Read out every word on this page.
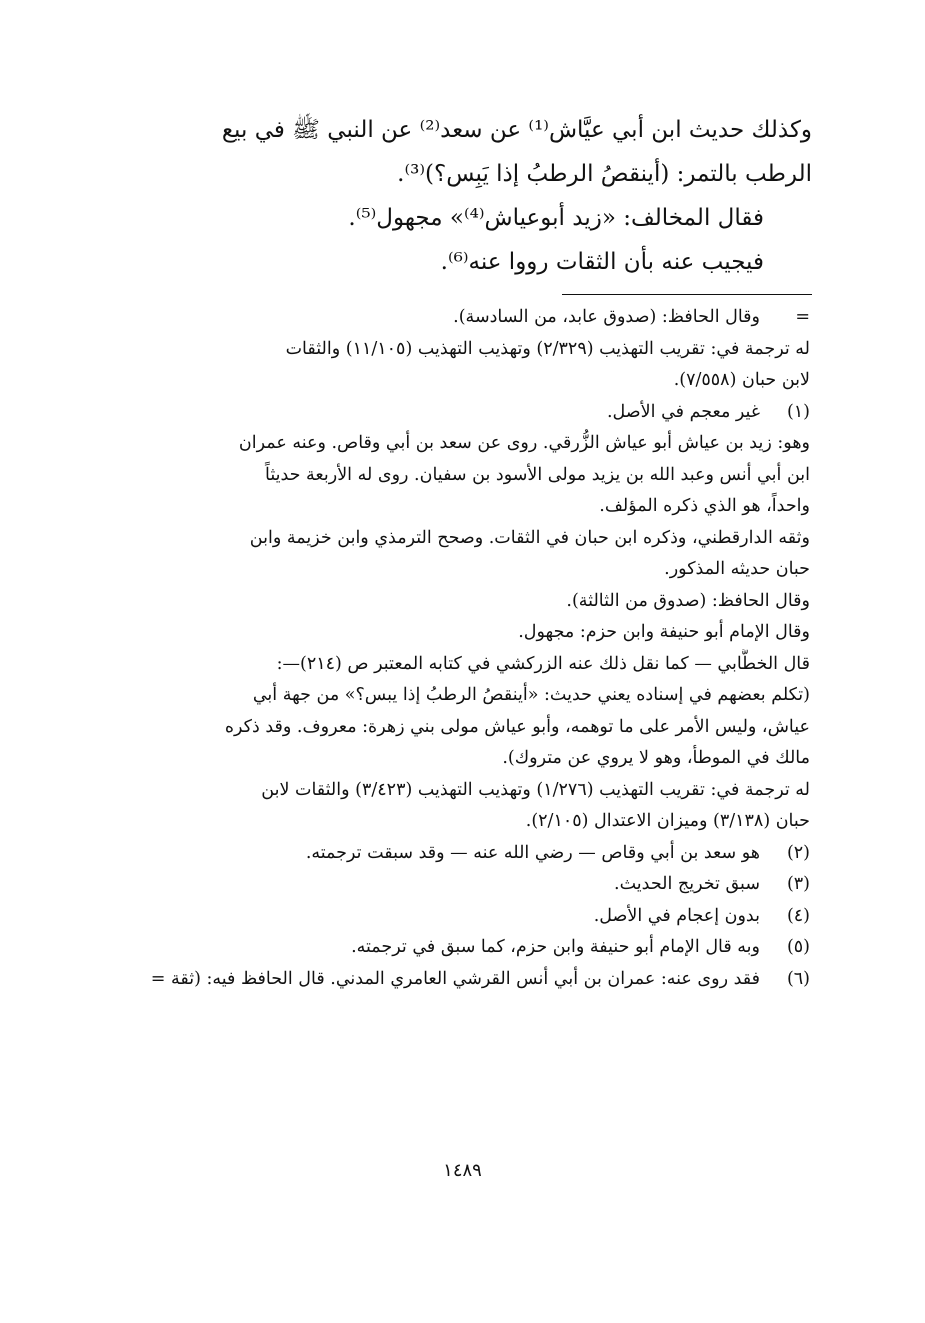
وكذلك حديث ابن أبي عيَّاش⁽¹⁾ عن سعد⁽²⁾ عن النبي ﷺ في بيع

الرطب بالتمر: (أينقصُ الرطبُ إذا يَبِس؟)⁽³⁾.

فقال المخالف: «زيد أبوعياش⁽⁴⁾» مجهول⁽⁵⁾.

فيجيب عنه بأن الثقات رووا عنه⁽⁶⁾.

=
وقال الحافظ: (صدوق عابد، من السادسة).
له ترجمة في: تقريب التهذيب (٢/٣٢٩) وتهذيب التهذيب (١١/١٠٥) والثقات
لابن حبان (٧/٥٥٨).
(١)
غير معجم في الأصل.
وهو: زيد بن عياش أبو عياش الزُّرقي. روى عن سعد بن أبي وقاص. وعنه عمران
ابن أبي أنس وعبد الله بن يزيد مولى الأسود بن سفيان. روى له الأربعة حديثاً
واحداً، هو الذي ذكره المؤلف.
وثقه الدارقطني، وذكره ابن حبان في الثقات. وصحح الترمذي وابن خزيمة وابن
حبان حديثه المذكور.
وقال الحافظ: (صدوق من الثالثة).
وقال الإمام أبو حنيفة وابن حزم: مجهول.
قال الخطَّابي — كما نقل ذلك عنه الزركشي في كتابه المعتبر ص (٢١٤)—:
(تكلم بعضهم في إسناده يعني حديث: «أينقصُ الرطبُ إذا يبس؟» من جهة أبي
عياش، وليس الأمر على ما توهمه، وأبو عياش مولى بني زهرة: معروف. وقد ذكره
مالك في الموطأ، وهو لا يروي عن متروك).
له ترجمة في: تقريب التهذيب (١/٢٧٦) وتهذيب التهذيب (٣/٤٢٣) والثقات لابن
حبان (٣/١٣٨) وميزان الاعتدال (٢/١٠٥).
(٢)
هو سعد بن أبي وقاص — رضي الله عنه — وقد سبقت ترجمته.
(٣)
سبق تخريج الحديث.
(٤)
بدون إعجام في الأصل.
(٥)
وبه قال الإمام أبو حنيفة وابن حزم، كما سبق في ترجمته.
(٦)
فقد روى عنه: عمران بن أبي أنس القرشي العامري المدني. قال الحافظ فيه: (ثقة =
١٤٨٩
